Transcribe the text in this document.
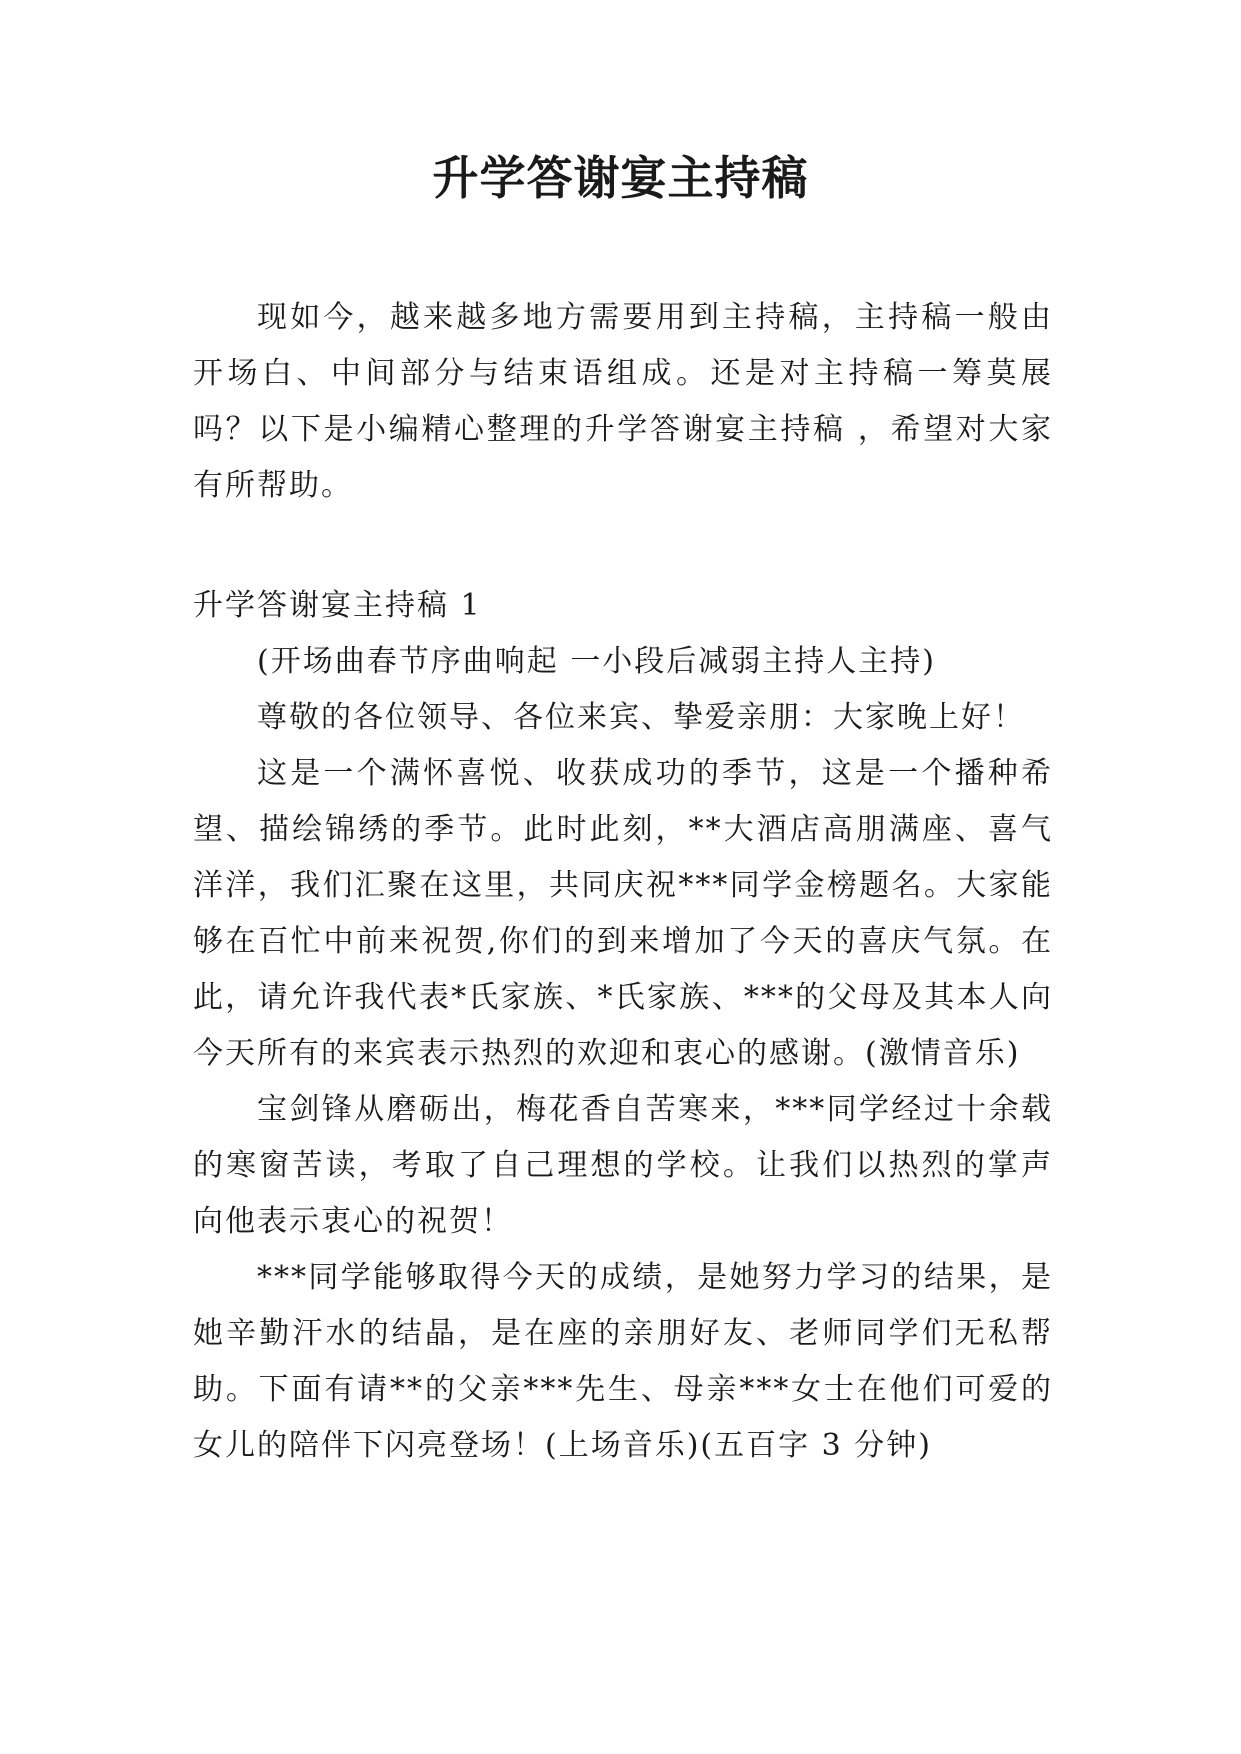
升学答谢宴主持稿

现如今，越来越多地方需要用到主持稿，主持稿一般由开场白、中间部分与结束语组成。还是对主持稿一筹莫展吗？以下是小编精心整理的升学答谢宴主持稿 ，希望对大家有所帮助。

升学答谢宴主持稿 1

(开场曲春节序曲响起 一小段后减弱主持人主持)

尊敬的各位领导、各位来宾、挚爱亲朋：大家晚上好！

这是一个满怀喜悦、收获成功的季节，这是一个播种希望、描绘锦绣的季节。此时此刻，**大酒店高朋满座、喜气洋洋，我们汇聚在这里，共同庆祝***同学金榜题名。大家能够在百忙中前来祝贺,你们的到来增加了今天的喜庆气氛。在此，请允许我代表*氏家族、*氏家族、***的父母及其本人向今天所有的来宾表示热烈的欢迎和衷心的感谢。(激情音乐)

宝剑锋从磨砺出，梅花香自苦寒来，***同学经过十余载的寒窗苦读，考取了自己理想的学校。让我们以热烈的掌声向他表示衷心的祝贺！

***同学能够取得今天的成绩，是她努力学习的结果，是她辛勤汗水的结晶，是在座的亲朋好友、老师同学们无私帮助。下面有请**的父亲***先生、母亲***女士在他们可爱的女儿的陪伴下闪亮登场！(上场音乐)(五百字 3 分钟)
